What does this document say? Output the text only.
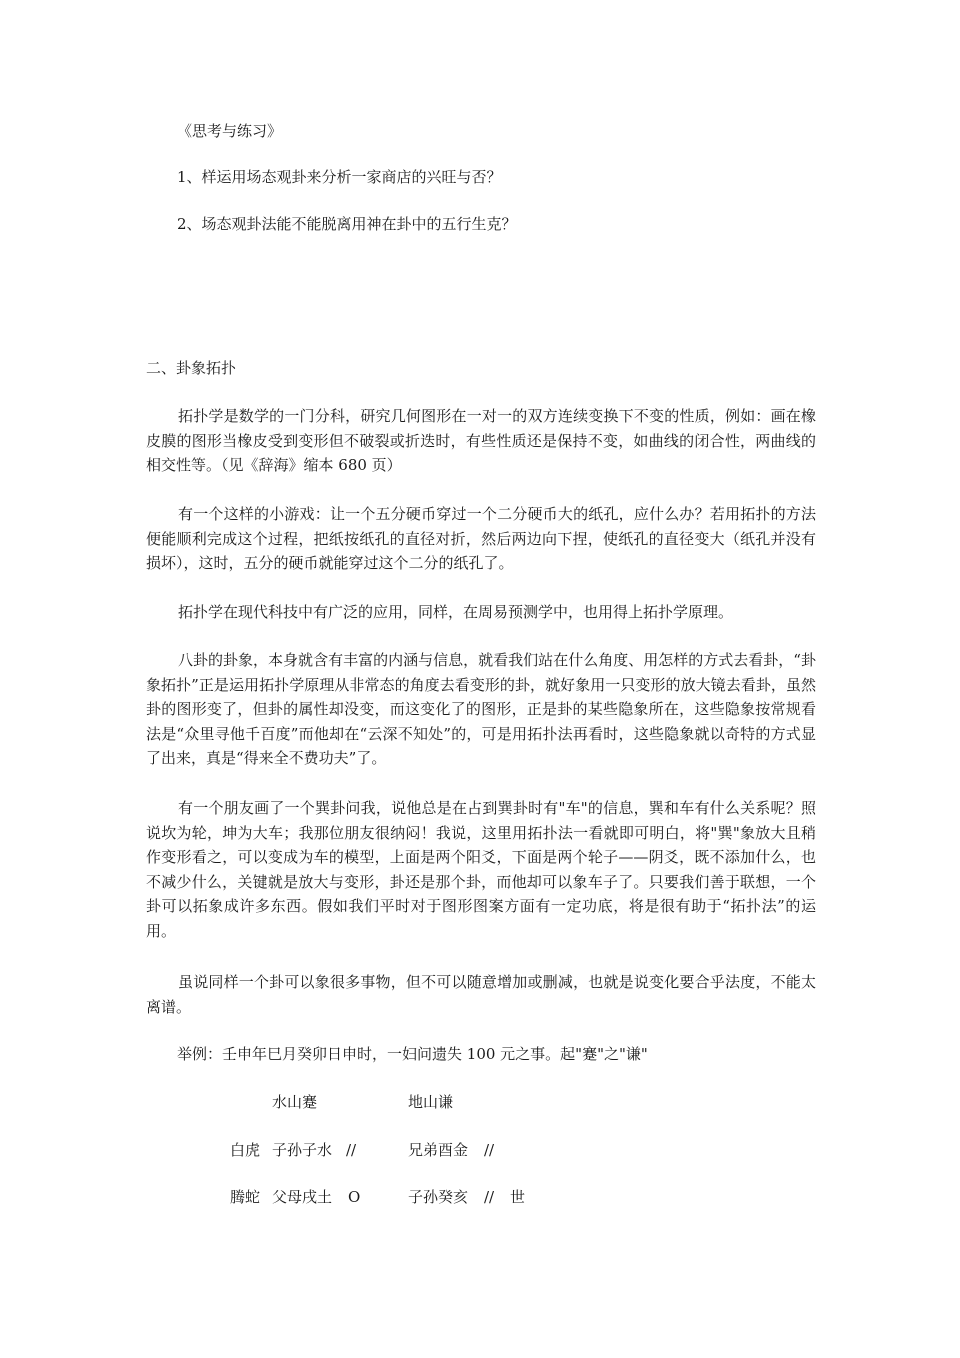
《思考与练习》
1、样运用场态观卦来分析一家商店的兴旺与否？
2、场态观卦法能不能脱离用神在卦中的五行生克？
二、卦象拓扑

拓扑学是数学的一门分科，研究几何图形在一对一的双方连续变换下不变的性质，例如：画在橡皮膜的图形当橡皮受到变形但不破裂或折迭时，有些性质还是保持不变，如曲线的闭合性，两曲线的相交性等。（见《辞海》缩本 680 页）

有一个这样的小游戏：让一个五分硬币穿过一个二分硬币大的纸孔，应什么办？若用拓扑的方法便能顺利完成这个过程，把纸按纸孔的直径对折，然后两边向下捏，使纸孔的直径变大（纸孔并没有损坏），这时，五分的硬币就能穿过这个二分的纸孔了。

拓扑学在现代科技中有广泛的应用，同样，在周易预测学中，也用得上拓扑学原理。

八卦的卦象，本身就含有丰富的内涵与信息，就看我们站在什么角度、用怎样的方式去看卦，“卦象拓扑”正是运用拓扑学原理从非常态的角度去看变形的卦，就好象用一只变形的放大镜去看卦，虽然卦的图形变了，但卦的属性却没变，而这变化了的图形，正是卦的某些隐象所在，这些隐象按常规看法是“众里寻他千百度”而他却在“云深不知处”的，可是用拓扑法再看时，这些隐象就以奇特的方式显了出来，真是“得来全不费功夫”了。

有一个朋友画了一个巽卦问我，说他总是在占到巽卦时有"车"的信息，巽和车有什么关系呢？照说坎为轮，坤为大车；我那位朋友很纳闷！我说，这里用拓扑法一看就即可明白，将"巽"象放大且稍作变形看之，可以变成为车的模型，上面是两个阳爻，下面是两个轮子——阴爻，既不添加什么，也不减少什么，关键就是放大与变形，卦还是那个卦，而他却可以象车子了。只要我们善于联想，一个卦可以拓象成许多东西。假如我们平时对于图形图案方面有一定功底，将是很有助于“拓扑法”的运用。

虽说同样一个卦可以象很多事物，但不可以随意增加或删减，也就是说变化要合乎法度，不能太离谱。

举例：壬申年巳月癸卯日申时，一妇问遗失 100 元之事。起"蹇"之"谦"
水山蹇	地山谦
白虎 子孙子水 //	兄弟酉金 //
腾蛇 父母戌土 O	子孙癸亥 // 世
